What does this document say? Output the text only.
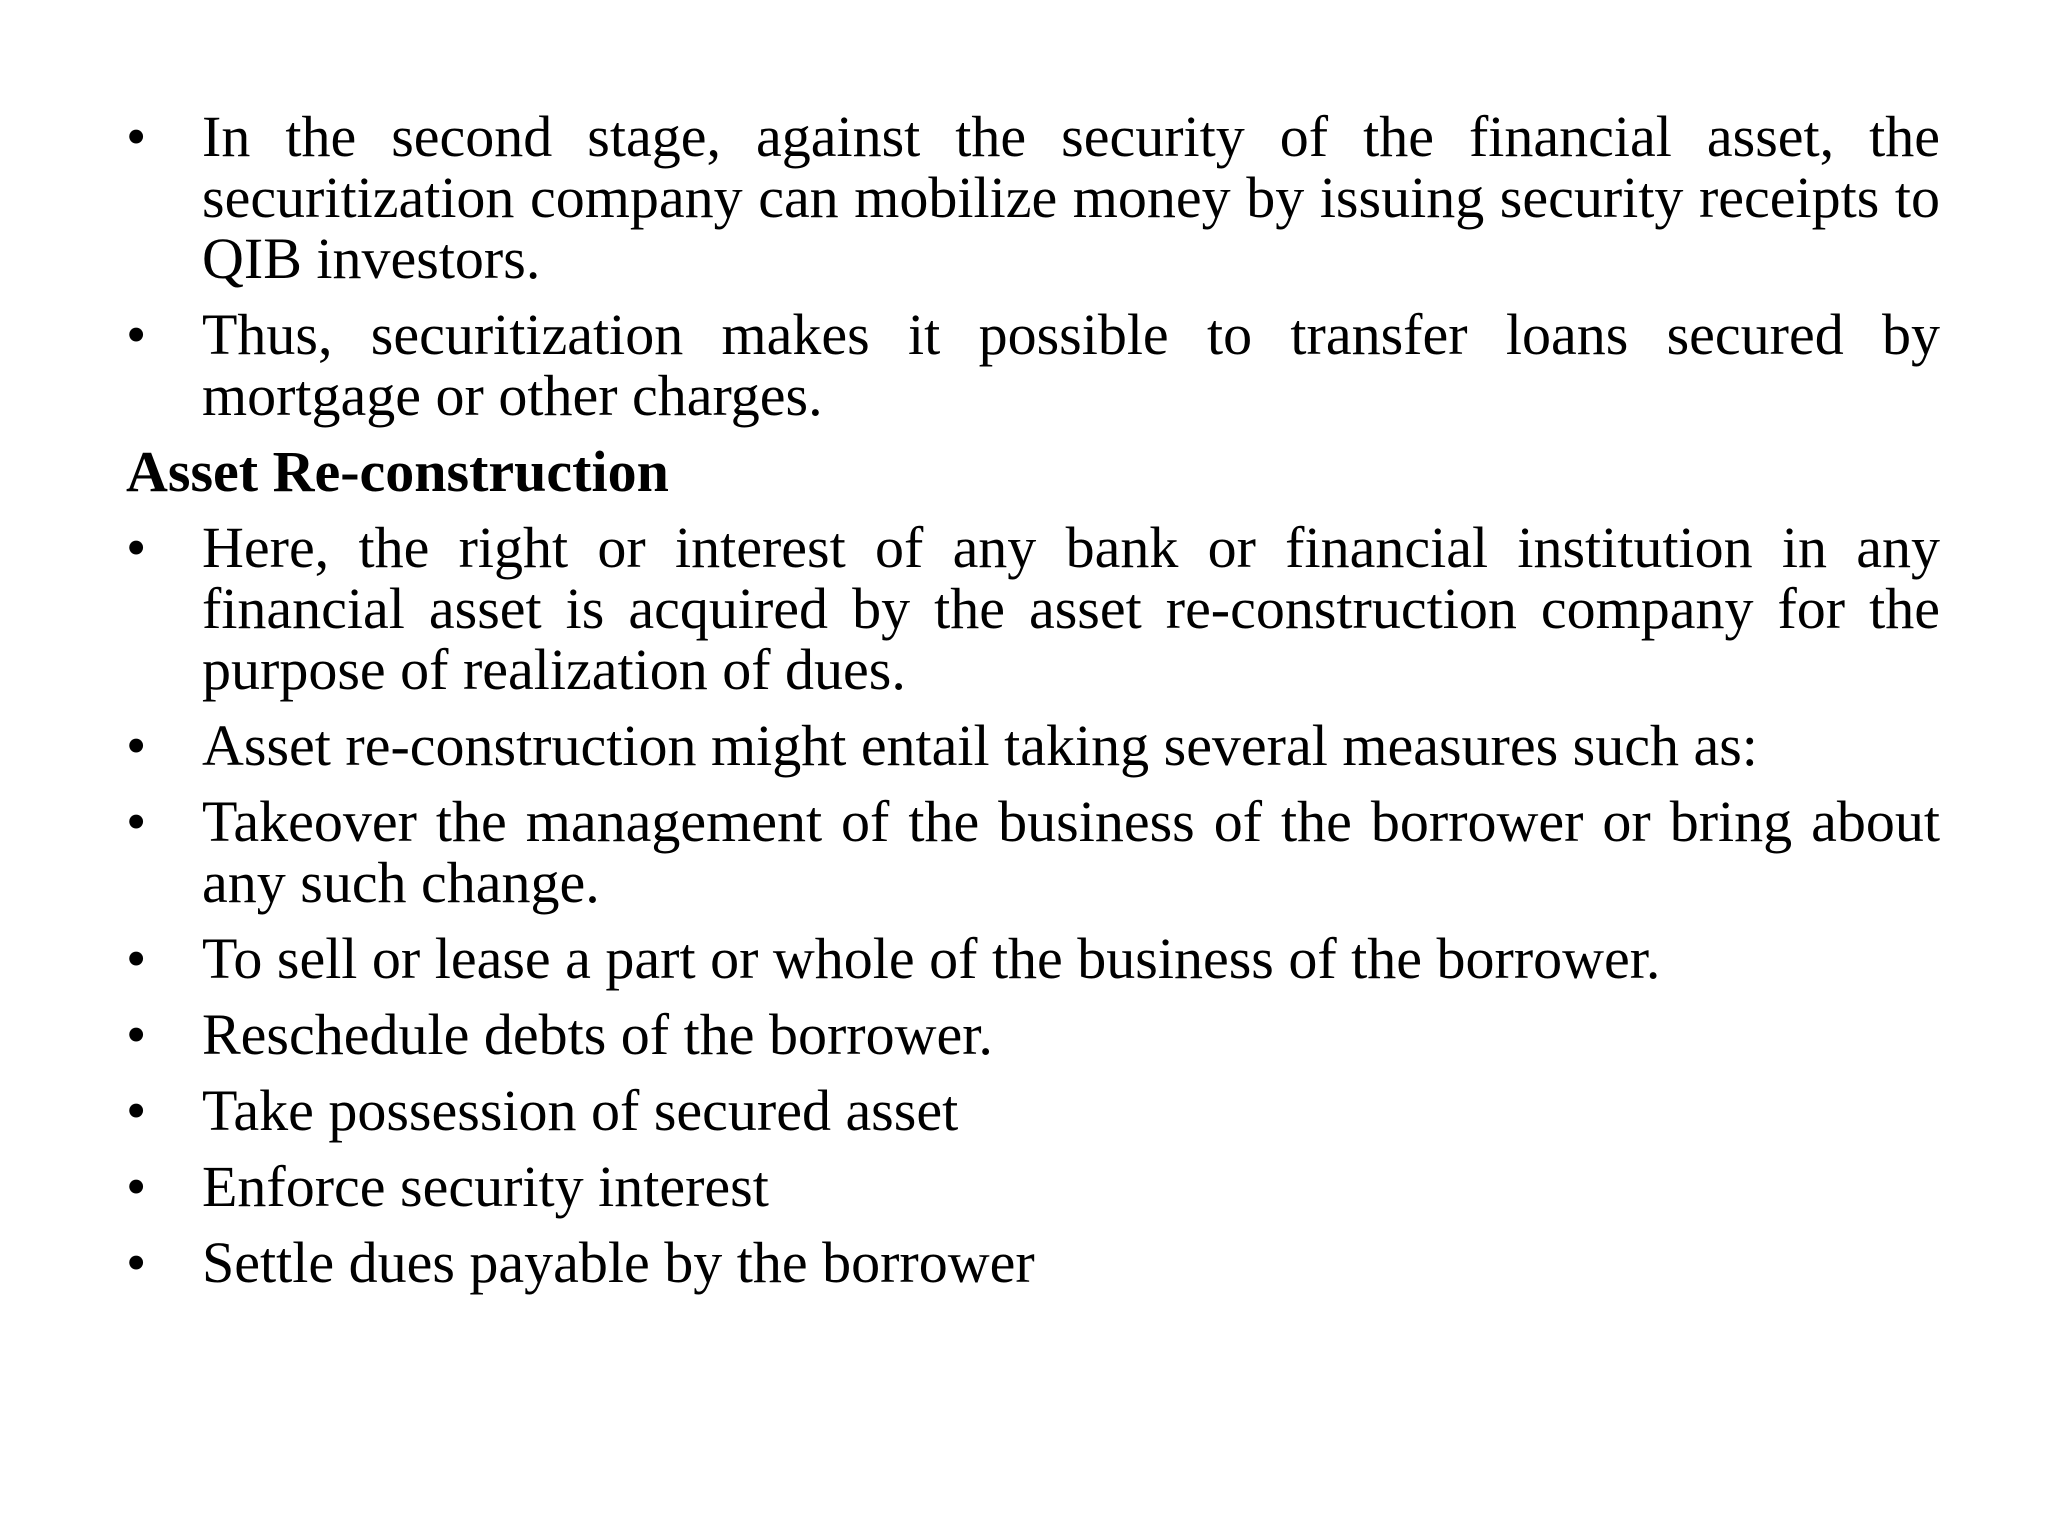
• In the second stage, against the security of the financial asset, the securitization company can mobilize money by issuing security receipts to QIB investors.
• Thus, securitization makes it possible to transfer loans secured by mortgage or other charges.
Asset Re-construction
• Here, the right or interest of any bank or financial institution in any financial asset is acquired by the asset re-construction company for the purpose of realization of dues.
• Asset re-construction might entail taking several measures such as:
• Takeover the management of the business of the borrower or bring about any such change.
• To sell or lease a part or whole of the business of the borrower.
• Reschedule debts of the borrower.
• Take possession of secured asset
• Enforce security interest
• Settle dues payable by the borrower
